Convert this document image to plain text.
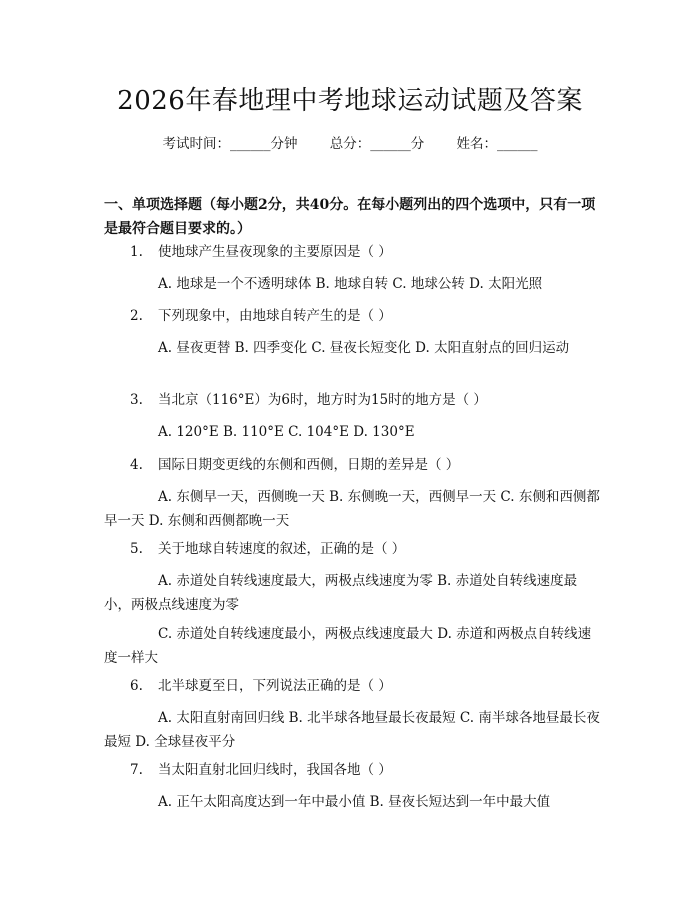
2026年春地理中考地球运动试题及答案
考试时间：______分钟 总分：______分 姓名：______
一、单项选择题（每小题2分，共40分。在每小题列出的四个选项中，只有一项是最符合题目要求的。）
1. 使地球产生昼夜现象的主要原因是（ ）
A. 地球是一个不透明球体 B. 地球自转 C. 地球公转 D. 太阳光照
2. 下列现象中，由地球自转产生的是（ ）
A. 昼夜更替 B. 四季变化 C. 昼夜长短变化 D. 太阳直射点的回归运动
3. 当北京（116°E）为6时，地方时为15时的地方是（ ）
A. 120°E B. 110°E C. 104°E D. 130°E
4. 国际日期变更线的东侧和西侧，日期的差异是（ ）
A. 东侧早一天，西侧晚一天 B. 东侧晚一天，西侧早一天 C. 东侧和西侧都早一天 D. 东侧和西侧都晚一天
5. 关于地球自转速度的叙述，正确的是（ ）
A. 赤道处自转线速度最大，两极点线速度为零 B. 赤道处自转线速度最小，两极点线速度为零
C. 赤道处自转线速度最小，两极点线速度最大 D. 赤道和两极点自转线速度一样大
6. 北半球夏至日，下列说法正确的是（ ）
A. 太阳直射南回归线 B. 北半球各地昼最长夜最短 C. 南半球各地昼最长夜最短 D. 全球昼夜平分
7. 当太阳直射北回归线时，我国各地（ ）
A. 正午太阳高度达到一年中最小值 B. 昼夜长短达到一年中最大值
